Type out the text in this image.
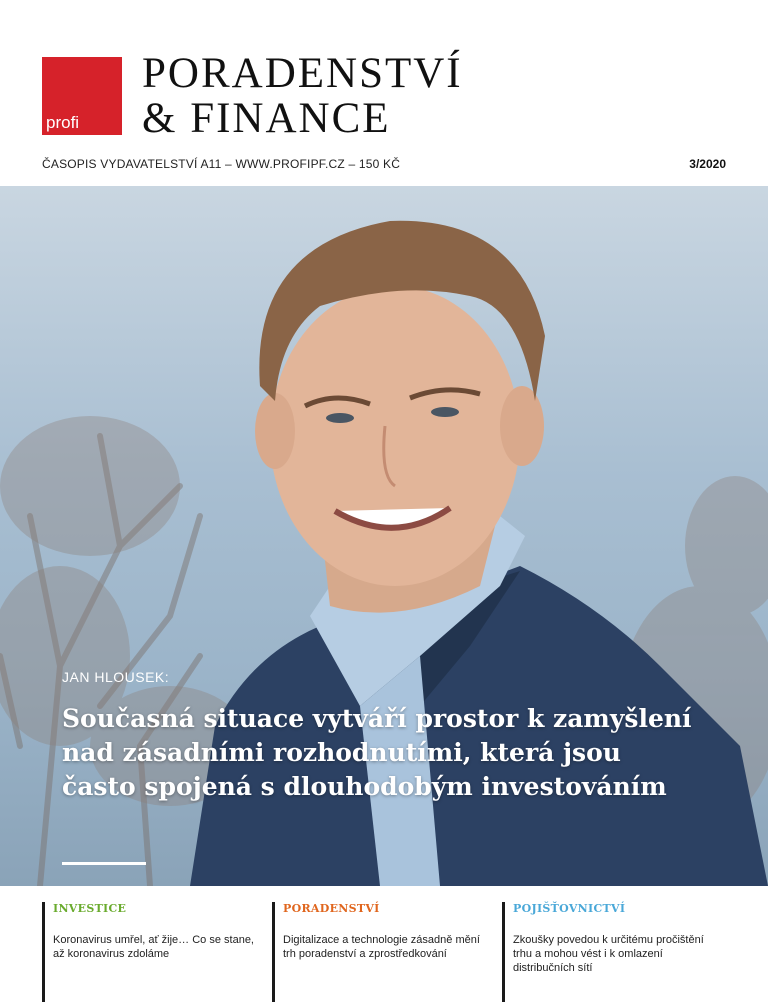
profi
PORADENSTVÍ
& FINANCE
ČASOPIS VYDAVATELSTVÍ A11 – WWW.PROFIPF.CZ – 150 KČ	3/2020
JAN HLOUSEK:
Současná situace vytváří prostor k zamyšlení nad zásadními rozhodnutími, která jsou často spojená s dlouhodobým investováním
INVESTICE
Koronavirus umřel, ať žije… Co se stane, až koronavirus zdoláme
PORADENSTVÍ
Digitalizace a technologie zásadně mění trh poradenství a zprostředkování
POJIŠŤOVNICTVÍ
Zkoušky povedou k určitému pročištění trhu a mohou vést i k omlazení distribučních sítí
